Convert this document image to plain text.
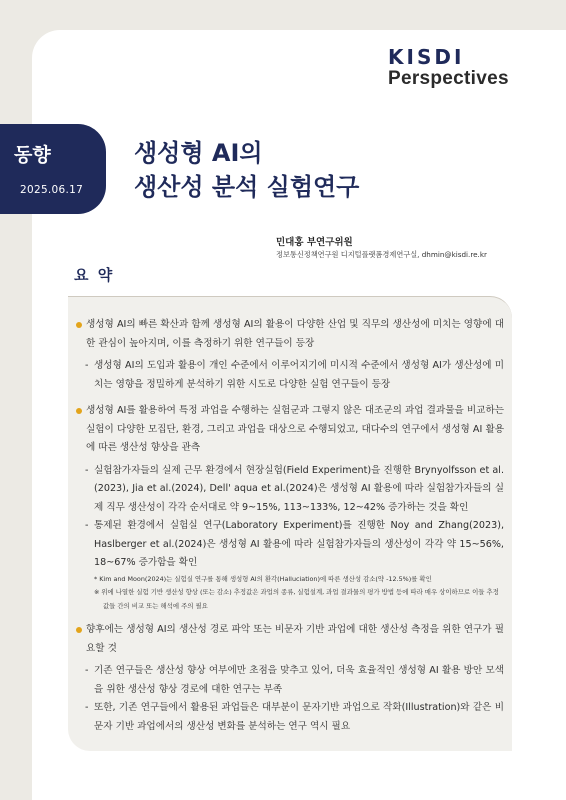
KISDI
Perspectives
동향
2025.06.17
생성형 AI의
생산성 분석 실험연구
민대홍 부연구위원
정보통신정책연구원 디지털플랫폼경제연구실, dhmin@kisdi.re.kr
요 약
생성형 AI의 빠른 확산과 함께 생성형 AI의 활용이 다양한 산업 및 직무의 생산성에 미치는 영향에 대한 관심이 높아지며, 이를 측정하기 위한 연구들이 등장
- 생성형 AI의 도입과 활용이 개인 수준에서 이루어지기에 미시적 수준에서 생성형 AI가 생산성에 미치는 영향을 정밀하게 분석하기 위한 시도로 다양한 실험 연구들이 등장
생성형 AI를 활용하여 특정 과업을 수행하는 실험군과 그렇지 않은 대조군의 과업 결과물을 비교하는 실험이 다양한 모집단, 환경, 그리고 과업을 대상으로 수행되었고, 대다수의 연구에서 생성형 AI 활용에 따른 생산성 향상을 관측
- 실험참가자들의 실제 근무 환경에서 현장실험(Field Experiment)을 진행한 Brynyolfsson et al.(2023), Jia et al.(2024), Dell' aqua et al.(2024)은 생성형 AI 활용에 따라 실험참가자들의 실제 직무 생산성이 각각 순서대로 약 9~15%, 113~133%, 12~42% 증가하는 것을 확인
- 통제된 환경에서 실험실 연구(Laboratory Experiment)를 진행한 Noy and Zhang(2023), Haslberger et al.(2024)은 생성형 AI 활용에 따라 실험참가자들의 생산성이 각각 약 15~56%, 18~67% 증가함을 확인
* Kim and Moon(2024)는 실험실 연구를 통해 생성형 AI의 환각(Halluciation)에 따른 생산성 감소(약 -12.5%)를 확인
※ 위에 나열한 실험 기반 생산성 향상 (또는 감소) 추정값은 과업의 종류, 실험설계, 과업 결과물의 평가 방법 등에 따라 매우 상이하므로 이들 추정값들 간의 비교 또는 해석에 주의 필요
향후에는 생성형 AI의 생산성 경로 파악 또는 비문자 기반 과업에 대한 생산성 측정을 위한 연구가 필요할 것
- 기존 연구들은 생산성 향상 여부에만 초점을 맞추고 있어, 더욱 효율적인 생성형 AI 활용 방안 모색을 위한 생산성 향상 경로에 대한 연구는 부족
- 또한, 기존 연구들에서 활용된 과업들은 대부분이 문자기반 과업으로 작화(Illustration)와 같은 비문자 기반 과업에서의 생산성 변화를 분석하는 연구 역시 필요
